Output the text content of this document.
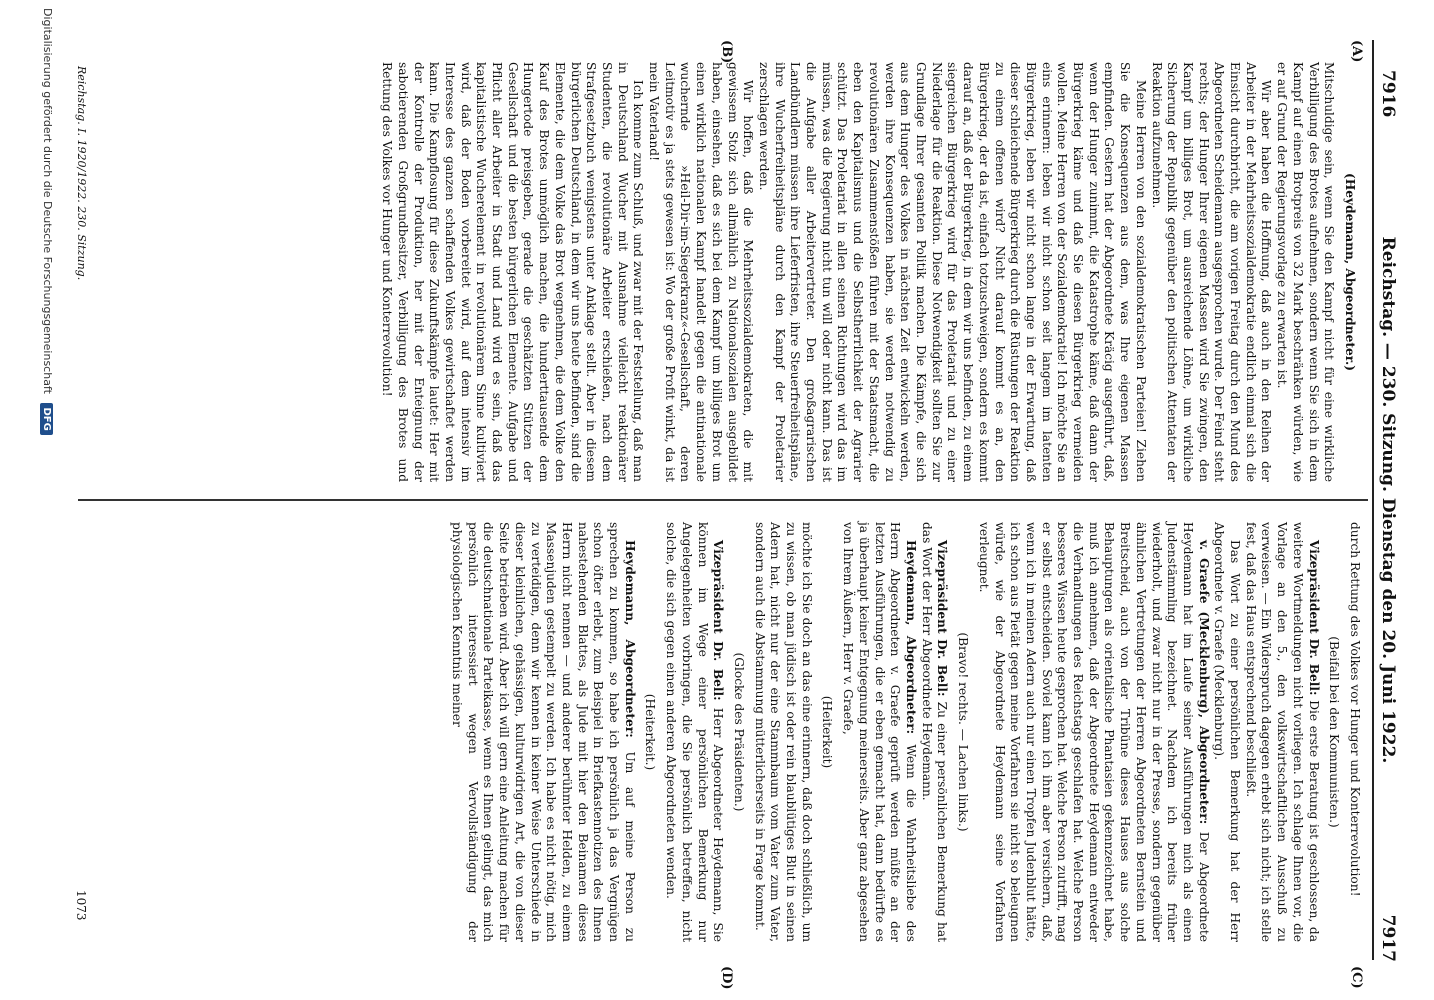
7916
Reichstag. — 230. Sitzung. Dienstag den 20. Juni 1922.
7917
(A)
(B)
(C)
(D)

(Heydemann, Abgeordneter.)

Mitschuldige sein, wenn Sie den Kampf nicht für eine wirkliche Verbilligung des Brotes aufnehmen, sondern wenn Sie sich in dem Kampf auf einen Brotpreis von 32 Mark beschränken würden, wie er auf Grund der Regierungsvorlage zu erwarten ist.

Wir aber haben die Hoffnung, daß auch in den Reihen der Arbeiter in der Mehrheitssozialdemokratie endlich einmal sich die Einsicht durchbricht, die am vorigen Freitag durch den Mund des Abgeordneten Scheidemann ausgesprochen wurde. Der Feind steht rechts; der Hunger Ihrer eigenen Massen wird Sie zwingen, den Kampf um billiges Brot, um ausreichende Löhne, um wirkliche Sicherung der Republik gegenüber den politischen Attentaten der Reaktion aufzunehmen.

Meine Herren von den sozialdemokratischen Parteien! Ziehen Sie die Konsequenzen aus dem, was Ihre eigenen Massen empfinden. Gestern hat der Abgeordnete Kräcig ausgeführt, daß, wenn der Hunger zunimmt, die Katastrophe käme, daß dann der Bürgerkrieg käme und daß Sie diesen Bürgerkrieg vermeiden wollen. Meine Herren von der Sozialdemokratie! Ich möchte Sie an eins erinnern: leben wir nicht schon seit langem im latenten Bürgerkrieg, leben wir nicht schon lange in der Erwartung, daß dieser schleichende Bürgerkrieg durch die Rüstungen der Reaktion zu einem offenen wird? Nicht darauf kommt es an, den Bürgerkrieg, der da ist, einfach totzuschweigen, sondern es kommt darauf an, daß der Bürgerkrieg, in dem wir uns befinden, zu einem siegreichen Bürgerkrieg wird für das Proletariat und zu einer Niederlage für die Reaktion. Diese Notwendigkeit sollten Sie zur Grundlage Ihrer gesamten Politik machen. Die Kämpfe, die sich aus dem Hunger des Volkes in nächsten Zeit entwickeln werden, werden ihre Konsequenzen haben, sie werden notwendig zu revolutionären Zusammenstößen führen mit der Staatsmacht, die eben den Kapitalismus und die Selbstherrlichkeit der Agrarier schützt. Das Proletariat in allen seinen Richtungen wird das im müssen, was die Regierung nicht tun will oder nicht kann. Das ist die Aufgabe aller Arbeitervertreter. Den großagrarischen Landbündlern müssen ihre Lieferfristen, ihre Steuerfreiheitspläne, ihre Wucherfreiheitspläne durch den Kampf der Proletarier zerschlagen werden.

Wir hoffen, daß die Mehrheitssozialdemokraten, die mit gewissem Stolz sich allmählich zu Nationalsozialen ausgebildet haben, einsehen, daß es sich bei dem Kampf um billiges Brot um einen wirklich nationalen Kampf handelt gegen die antinationale wuchernde »Heil-Dir-im-Siegerkranz«-Gesellschaft, deren Leitmotiv es ja stets gewesen ist: Wo der große Profit winkt, da ist mein Vaterland!

Ich komme zum Schluß, und zwar mit der Feststellung, daß man in Deutschland Wucher mit Ausnahme vielleicht reaktionärer Studenten, die revolutionäre Arbeiter erschießen, nach dem Strafgesetzbuch wenigstens unter Anklage stellt. Aber in diesem bürgerlichen Deutschland, in dem wir uns heute befinden, sind die Elemente, die dem Volke das Brot wegnehmen, die dem Volke den Kauf des Brotes unmöglich machen, die hunderttausende dem Hungertode preisgeben, gerade die geschätzten Stützen der Gesellschaft und die besten bürgerlichen Elemente. Aufgabe und Pflicht aller Arbeiter in Stadt und Land wird es sein, daß das kapitalistische Wucherelement in revolutionärem Sinne kultiviert wird, daß der Boden vorbereitet wird, auf dem intensiv im Interesse des ganzen schaffenden Volkes gewirtschaftet werden kann. Die Kampflosung für diese Zukunftskämpfe lautet: Her mit der Kontrolle der Produktion, her mit der Enteignung der sabotierenden Großgrundbesitzer, Verbilligung des Brotes und Rettung des Volkes vor Hunger und Konterrevolution!

durch Rettung des Volkes vor Hunger und Konterrevolution!

(Beifall bei den Kommunisten.)

Vizepräsident Dr. Bell: Die erste Beratung ist geschlossen, da weitere Wortmeldungen nicht vorliegen. Ich schlage Ihnen vor, die Vorlage an den 5., den volkswirtschaftlichen Ausschuß zu verweisen. — Ein Widerspruch dagegen erhebt sich nicht; ich stelle fest, daß das Haus entsprechend beschließt.

Das Wort zu einer persönlichen Bemerkung hat der Herr Abgeordnete v. Graefe (Mecklenburg).

v. Graefe (Mecklenburg), Abgeordneter: Der Abgeordnete Heydemann hat im Laufe seiner Ausführungen mich als einen Judenstämmling bezeichnet. Nachdem ich bereits früher wiederholt, und zwar nicht nur in der Presse, sondern gegenüber ähnlichen Vertretungen der Herren Abgeordneten Bernstein und Breitscheid, auch von der Tribüne dieses Hauses aus solche Behauptungen als orientalische Phantasien gekennzeichnet habe, muß ich annehmen, daß der Abgeordnete Heydemann entweder die Verhandlungen des Reichstags geschlafen hat. Welche Person besseres Wissen heute gesprochen hat. Welche Person zutrifft, mag er selbst entscheiden. Soviel kann ich ihm aber versichern, daß, wenn ich in meinen Adern auch nur einen Tropfen Judenblut hätte, ich schon aus Pietät gegen meine Vorfahren sie nicht so beleugnen würde, wie der Abgeordnete Heydemann seine Vorfahren verleugnet.

(Bravo! rechts. — Lachen links.)

Vizepräsident Dr. Bell: Zu einer persönlichen Bemerkung hat das Wort der Herr Abgeordnete Heydemann.

Heydemann, Abgeordneter: Wenn die Wahrheitsliebe des Herrn Abgeordneten v. Graefe geprüft werden müßte an der letzten Ausführungen, die er eben gemacht hat, dann bedürfte es ja überhaupt keiner Entgegnung meinerseits. Aber ganz abgesehen von Ihrem Äußern, Herr v. Graefe,

(Heiterkeit)

möchte ich Sie doch an das eine erinnern, daß doch schließlich, um zu wissen, ob man jüdisch ist oder rein blaublütiges Blut in seinen Adern hat, nicht nur der eine Stammbaum vom Vater zum Vater, sondern auch die Abstammung mütterlicherseits in Frage kommt.

(Glocke des Präsidenten.)

Vizepräsident Dr. Bell: Herr Abgeordneter Heydemann, Sie können im Wege einer persönlichen Bemerkung nur Angelegenheiten vorbringen, die Sie persönlich betreffen, nicht solche, die sich gegen einen anderen Abgeordneten wenden.

(Heiterkeit.)

Heydemann, Abgeordneter: Um auf meine Person zu sprechen zu kommen, so habe ich persönlich ja das Vergnügen schon öfter erlebt, zum Beispiel in Briefkastennotizen des Ihnen nahestehenden Blattes, als Jude mit hier den Beinamen dieses Herrn nicht nennen — und anderer berühmter Helden, zu einem Massenjuden gestempelt zu werden. Ich habe es nicht nötig, mich zu verteidigen, denn wir kennen in keiner Weise Unterschiede in dieser kleinlichen, gehässigen, kulturwidrigen Art, die von dieser Seite betrieben wird. Aber ich will gern eine Anleitung machen für die deutschnationale Parteikasse, wenn es Ihnen gelingt, das mich persönlich interessiert wegen Vervollständigung der physiologischen Kenntnis meiner

Reichstag. I. 1920/1922. 230. Sitzung.
1073
Digitalisierung gefördert durch die Deutsche Forschungsgemeinschaft DFG
